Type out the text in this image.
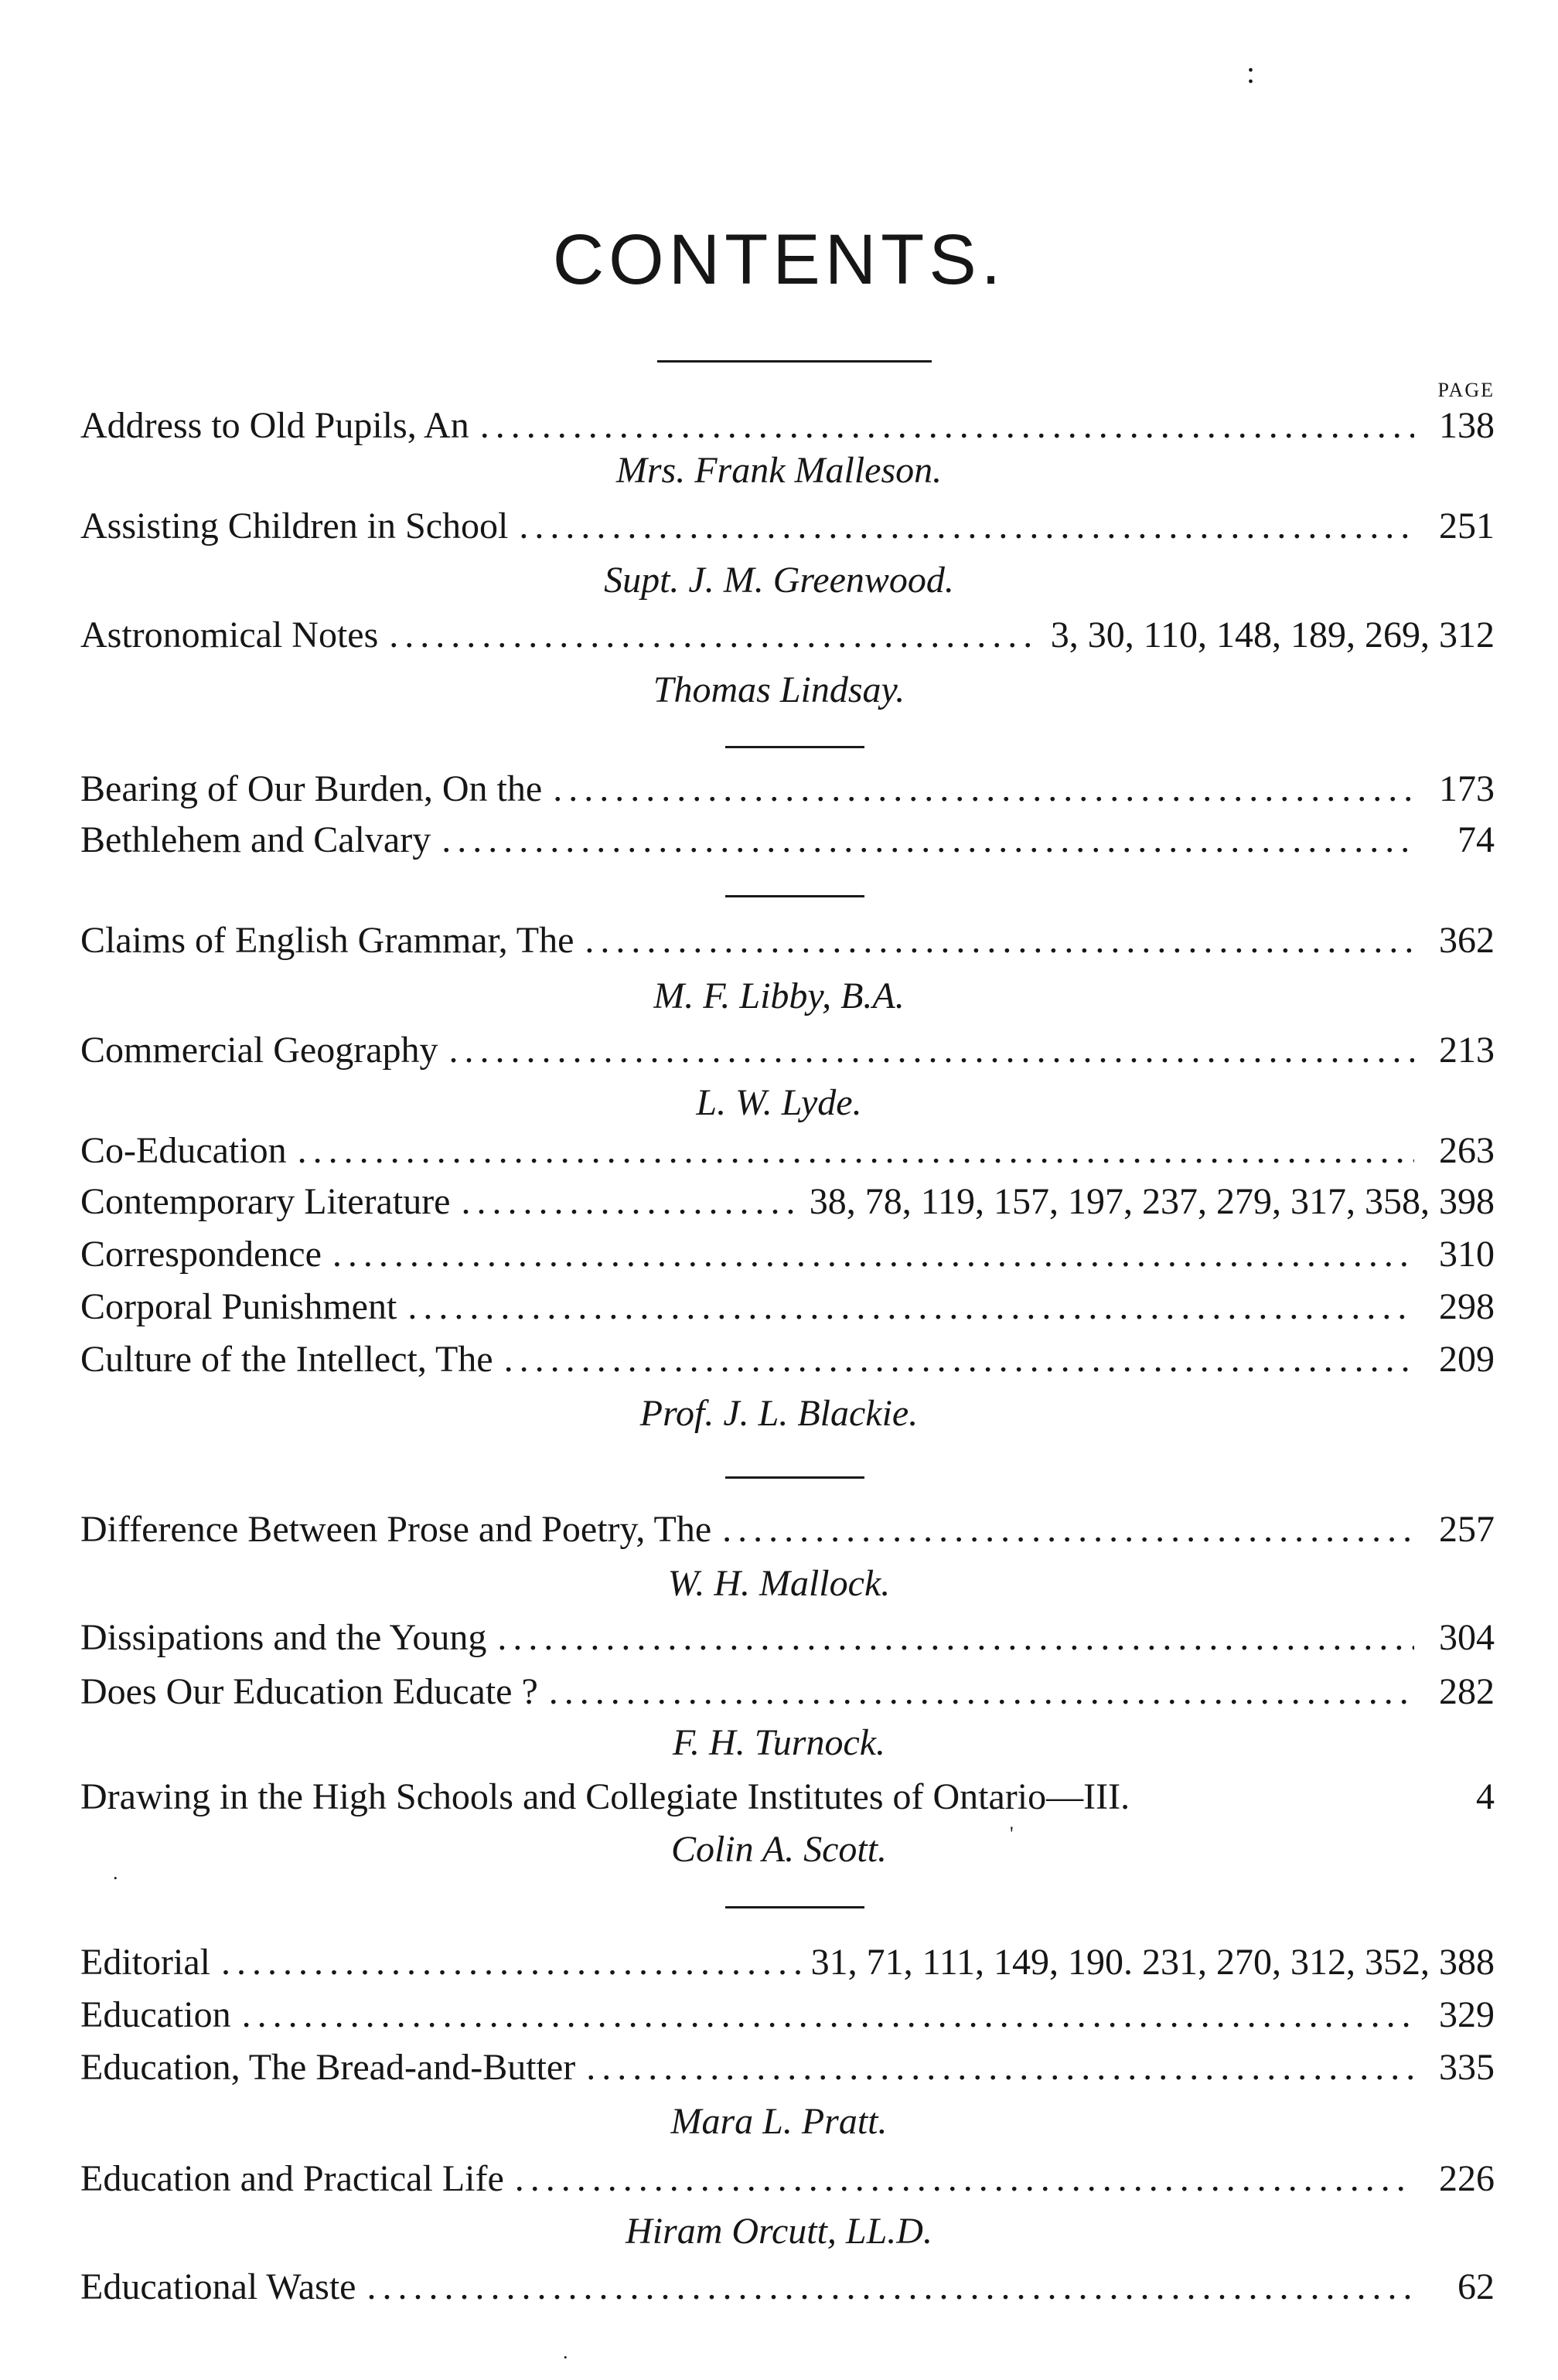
:
CONTENTS.
PAGE
Address to Old Pupils, An .....	138
Mrs. Frank Malleson.
Assisting Children in School .....	251
Supt. J. M. Greenwood.
Astronomical Notes .....	3, 30, 110, 148, 189, 269, 312
Thomas Lindsay.
Bearing of Our Burden, On the .....	173
Bethlehem and Calvary .....	74
Claims of English Grammar, The .....	362
M. F. Libby, B.A.
Commercial Geography .....	213
L. W. Lyde.
Co-Education .....	263
Contemporary Literature .....	38, 78, 119, 157, 197, 237, 279, 317, 358, 398
Correspondence .....	310
Corporal Punishment .....	298
Culture of the Intellect, The .....	209
Prof. J. L. Blackie.
Difference Between Prose and Poetry, The .....	257
W. H. Mallock.
Dissipations and the Young .....	304
Does Our Education Educate ? .....	282
F. H. Turnock.
Drawing in the High Schools and Collegiate Institutes of Ontario—III.	4
Colin A. Scott.	'
.
Editorial .....	31, 71, 111, 149, 190. 231, 270, 312, 352, 388
Education .....	329
Education, The Bread-and-Butter .....	335
Mara L. Pratt.
Education and Practical Life .....	226
Hiram Orcutt, LL.D.
Educational Waste .....	62
.
